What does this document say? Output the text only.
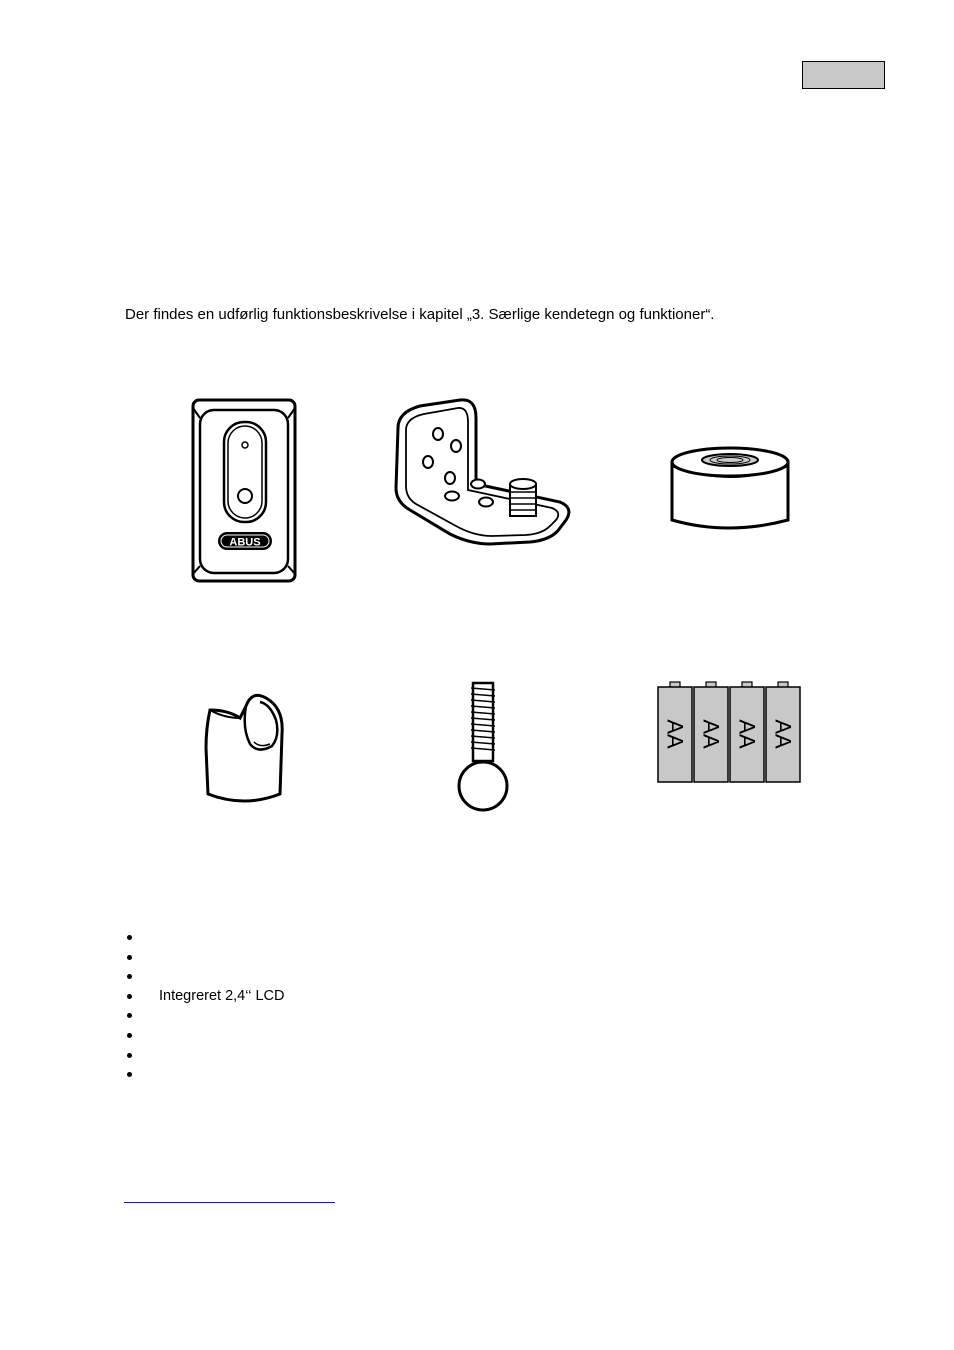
Der findes en udførlig funktionsbeskrivelse i kapitel „3. Særlige kendetegn og funktioner“.
ABUS
AA AA AA AA
Integreret 2,4‘‘ LCD
